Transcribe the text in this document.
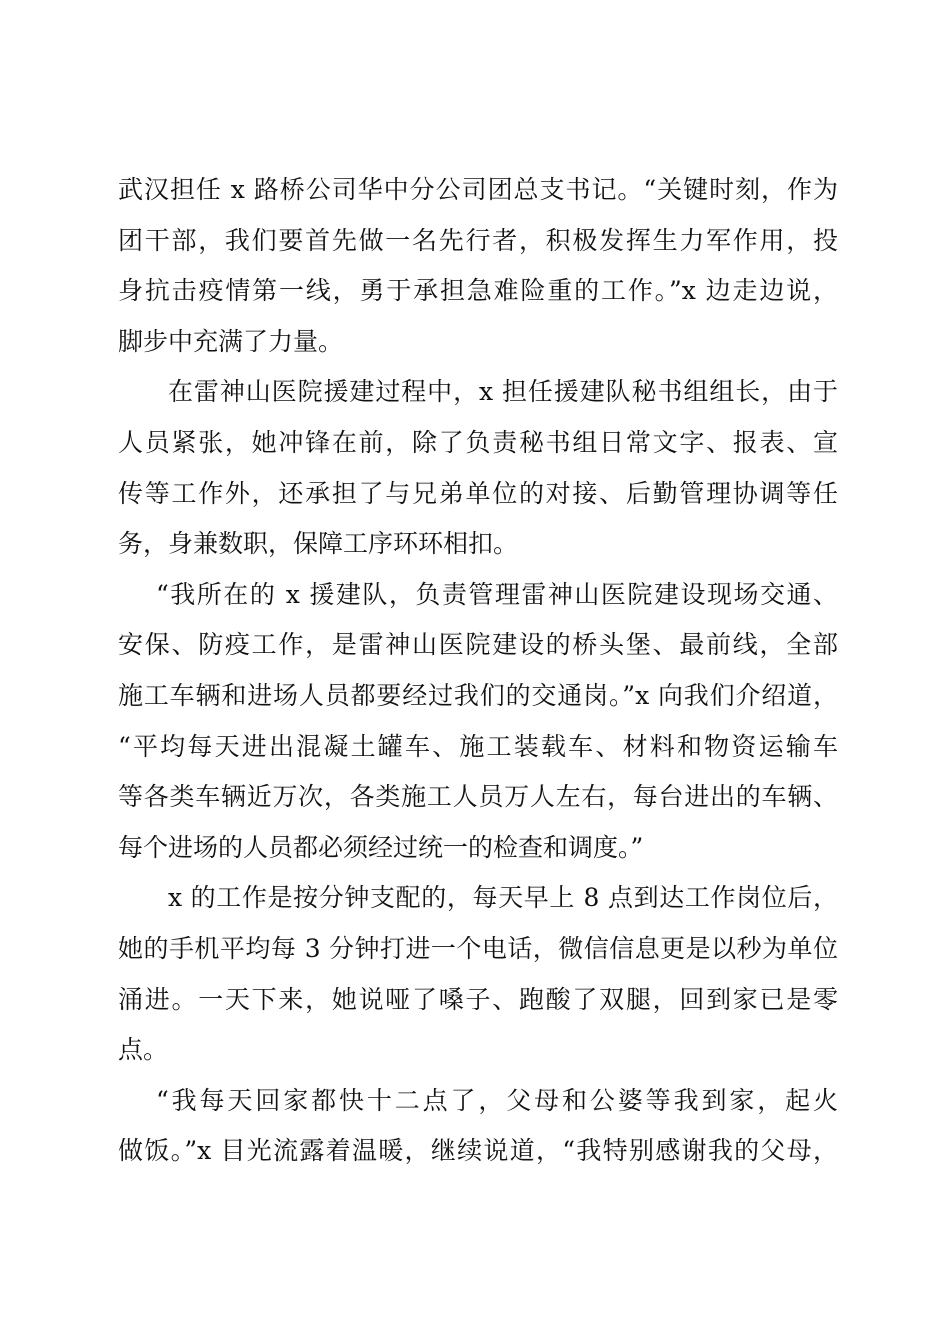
武汉担任 x 路桥公司华中分公司团总支书记。“关键时刻，作为
团干部，我们要首先做一名先行者，积极发挥生力军作用，投
身抗击疫情第一线，勇于承担急难险重的工作。”x 边走边说，
脚步中充满了力量。
在雷神山医院援建过程中，x 担任援建队秘书组组长，由于
人员紧张，她冲锋在前，除了负责秘书组日常文字、报表、宣
传等工作外，还承担了与兄弟单位的对接、后勤管理协调等任
务，身兼数职，保障工序环环相扣。
“我所在的 x 援建队，负责管理雷神山医院建设现场交通、
安保、防疫工作，是雷神山医院建设的桥头堡、最前线，全部
施工车辆和进场人员都要经过我们的交通岗。”x 向我们介绍道，
“平均每天进出混凝土罐车、施工装载车、材料和物资运输车
等各类车辆近万次，各类施工人员万人左右，每台进出的车辆、
每个进场的人员都必须经过统一的检查和调度。”
x 的工作是按分钟支配的，每天早上 8 点到达工作岗位后，
她的手机平均每 3 分钟打进一个电话，微信信息更是以秒为单位
涌进。一天下来，她说哑了嗓子、跑酸了双腿，回到家已是零
点。
“我每天回家都快十二点了，父母和公婆等我到家，起火
做饭。”x 目光流露着温暖，继续说道，“我特别感谢我的父母，
